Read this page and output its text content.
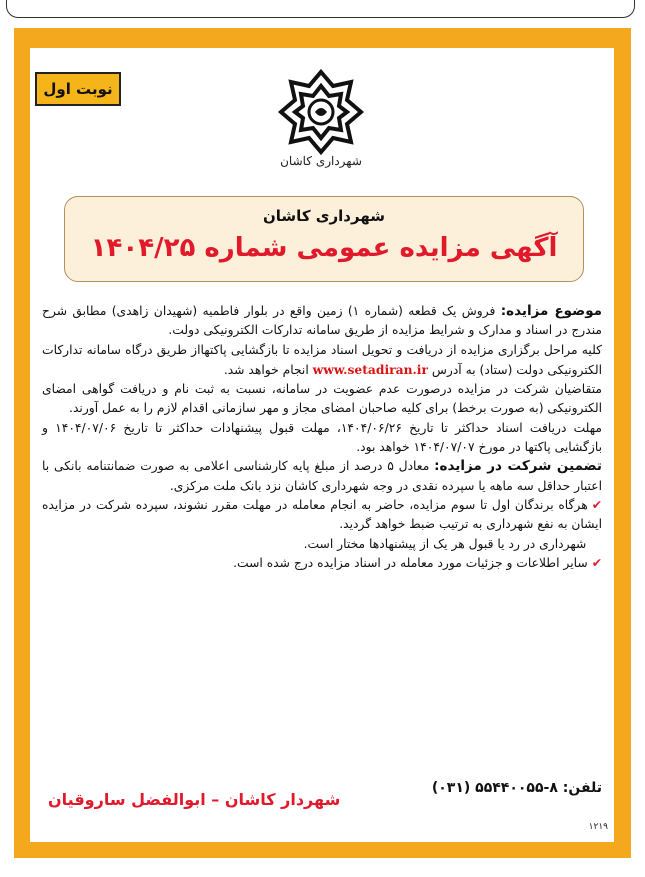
نوبت اول
شهرداری کاشان
شهرداری کاشان
آگهی مزایده عمومی شماره ۱۴۰۴/۲۵

موضوع مزایده: فروش یک قطعه (شماره ۱) زمین واقع در بلوار فاطمیه (شهیدان زاهدی) مطابق شرح مندرج در اسناد و مدارک و شرایط مزایده از طریق سامانه تدارکات الکترونیکی دولت.

کلیه مراحل برگزاری مزایده از دریافت و تحویل اسناد مزایده تا بازگشایی پاکتهااز طریق درگاه سامانه تدارکات الکترونیکی دولت (ستاد) به آدرس www.setadiran.ir انجام خواهد شد.

متقاضیان شرکت در مزایده درصورت عدم عضویت در سامانه، نسبت به ثبت نام و دریافت گواهی امضای الکترونیکی (به صورت برخط) برای کلیه صاحبان امضای مجاز و مهر سازمانی اقدام لازم را به عمل آورند.

مهلت دریافت اسناد حداکثر تا تاریخ ۱۴۰۴/۰۶/۲۶، مهلت قبول پیشنهادات حداکثر تا تاریخ ۱۴۰۴/۰۷/۰۶ و بازگشایی پاکتها در مورخ ۱۴۰۴/۰۷/۰۷ خواهد بود.

تضمین شرکت در مزایده: معادل ۵ درصد از مبلغ پایه کارشناسی اعلامی به صورت ضمانتنامه بانکی با اعتبار حداقل سه ماهه یا سپرده نقدی در وجه شهرداری کاشان نزد بانک ملت مرکزی.

✔هرگاه برندگان اول تا سوم مزایده، حاضر به انجام معامله در مهلت مقرر نشوند، سپرده شرکت در مزایده ایشان به نفع شهرداری به ترتیب ضبط خواهد گردید.

شهرداری در رد یا قبول هر یک از پیشنهادها مختار است.

✔سایر اطلاعات و جزئیات مورد معامله در اسناد مزایده درج شده است.

تلفن: ۸-۵۵۴۴۰۰۵۵ (۰۳۱)
شهردار کاشان – ابوالفضل سارو‌قیان
۱۲۱۹
